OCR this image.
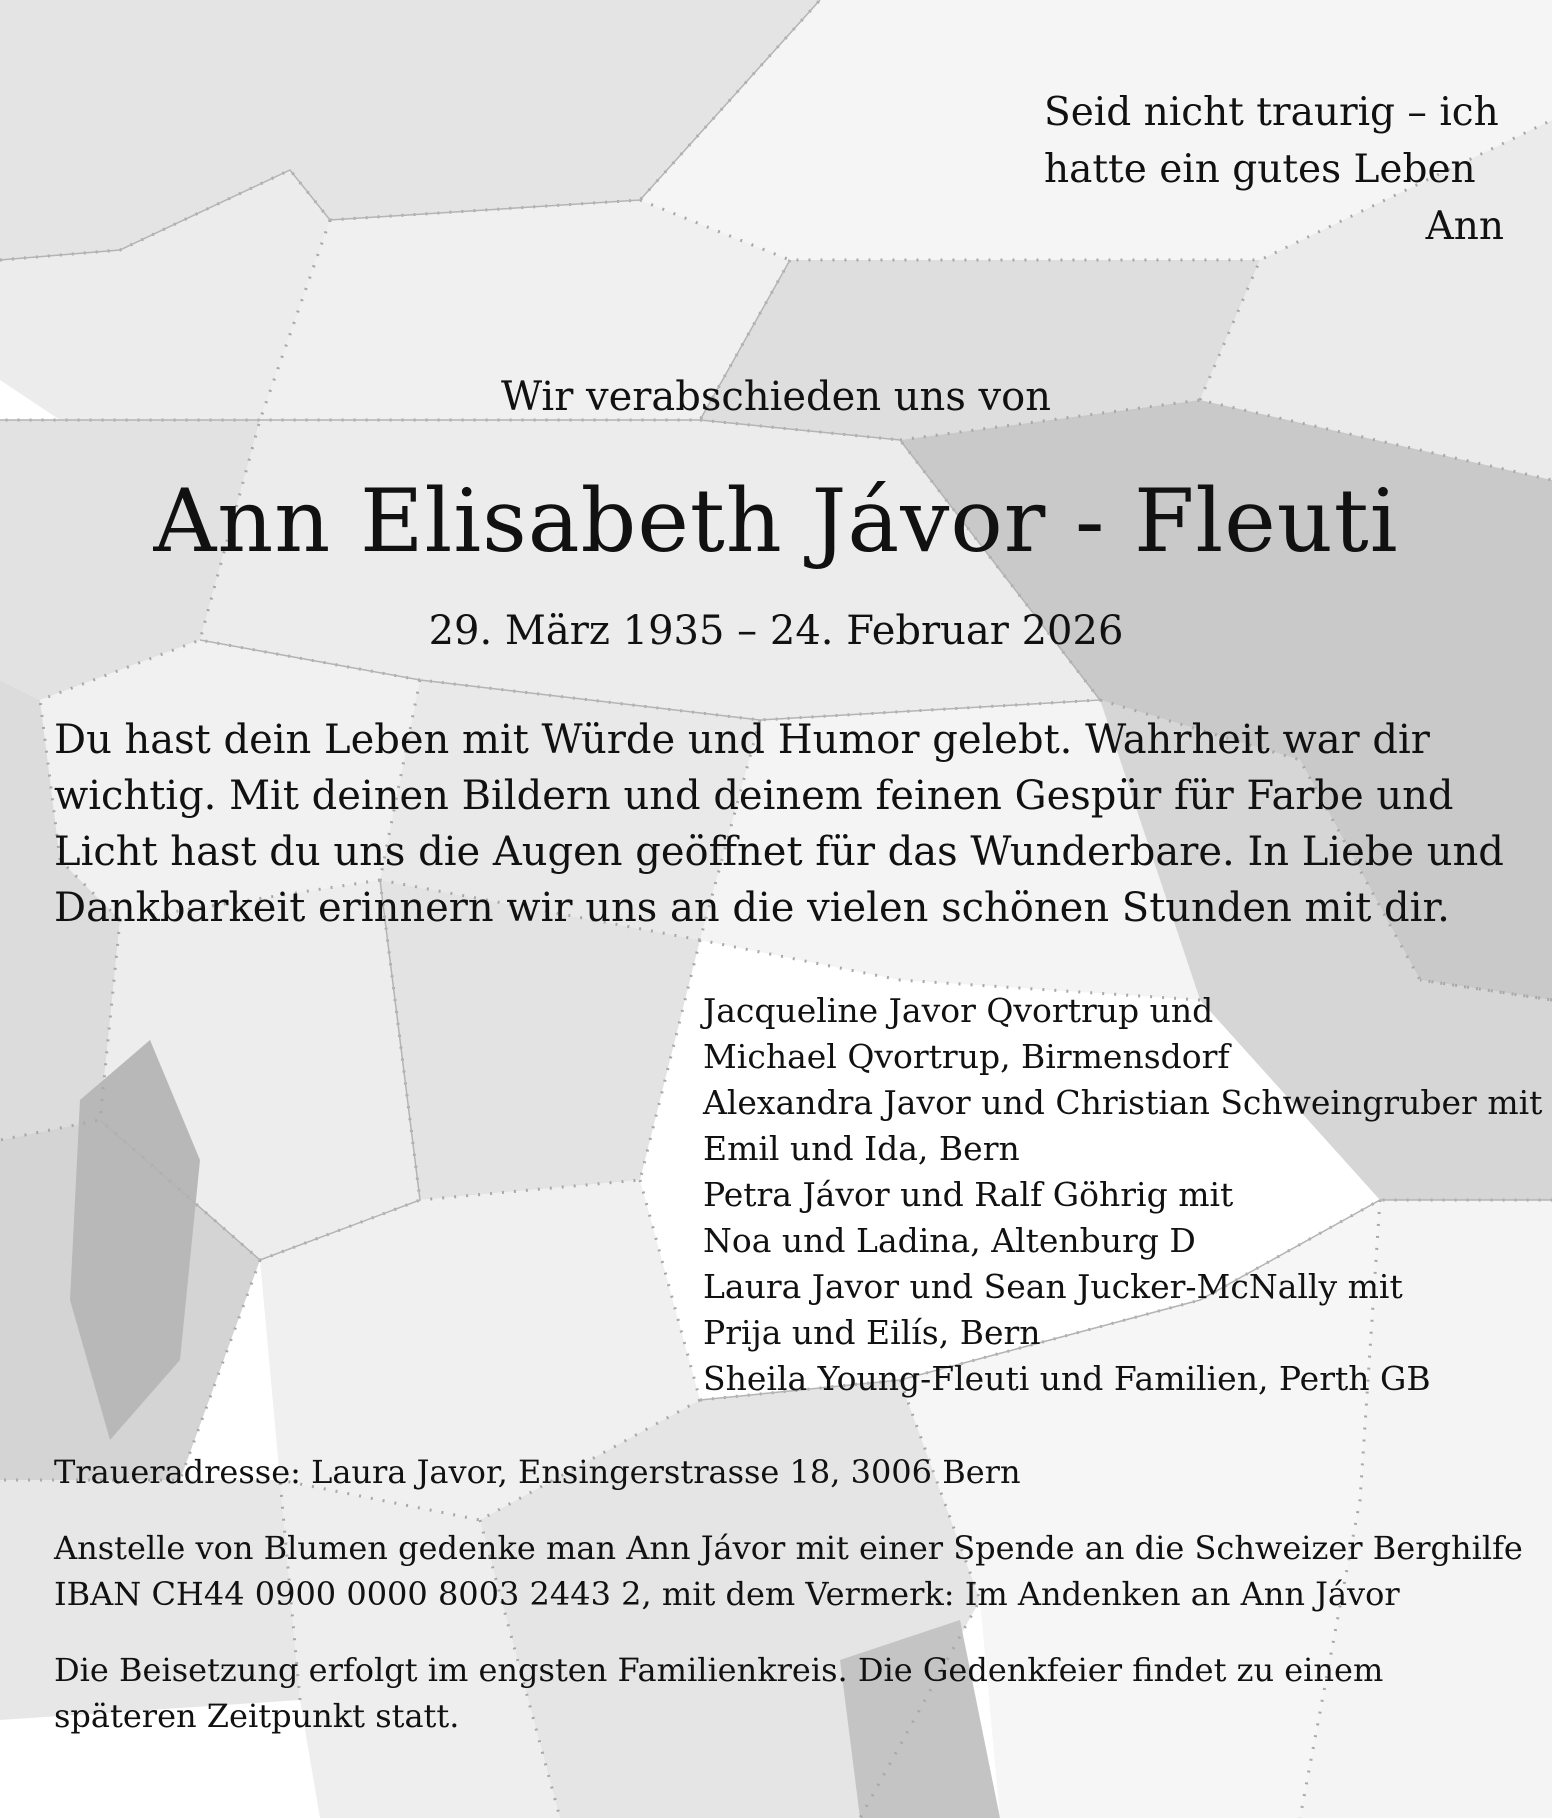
Seid nicht traurig – ich
hatte ein gutes Leben
Ann
Wir verabschieden uns von
Ann Elisabeth Jávor - Fleuti
29. März 1935 – 24. Februar 2026
Du hast dein Leben mit Würde und Humor gelebt. Wahrheit war dir
wichtig. Mit deinen Bildern und deinem feinen Gespür für Farbe und
Licht hast du uns die Augen geöffnet für das Wunderbare. In Liebe und
Dankbarkeit erinnern wir uns an die vielen schönen Stunden mit dir.
Jacqueline Javor Qvortrup und
Michael Qvortrup, Birmensdorf
Alexandra Javor und Christian Schweingruber mit
Emil und Ida, Bern
Petra Jávor und Ralf Göhrig mit
Noa und Ladina, Altenburg D
Laura Javor und Sean Jucker-McNally mit
Prija und Eilís, Bern
Sheila Young-Fleuti und Familien, Perth GB
Traueradresse: Laura Javor, Ensingerstrasse 18, 3006 Bern
Anstelle von Blumen gedenke man Ann Jávor mit einer Spende an die Schweizer Berghilfe
IBAN CH44 0900 0000 8003 2443 2, mit dem Vermerk: Im Andenken an Ann Jávor
Die Beisetzung erfolgt im engsten Familienkreis. Die Gedenkfeier findet zu einem
späteren Zeitpunkt statt.
